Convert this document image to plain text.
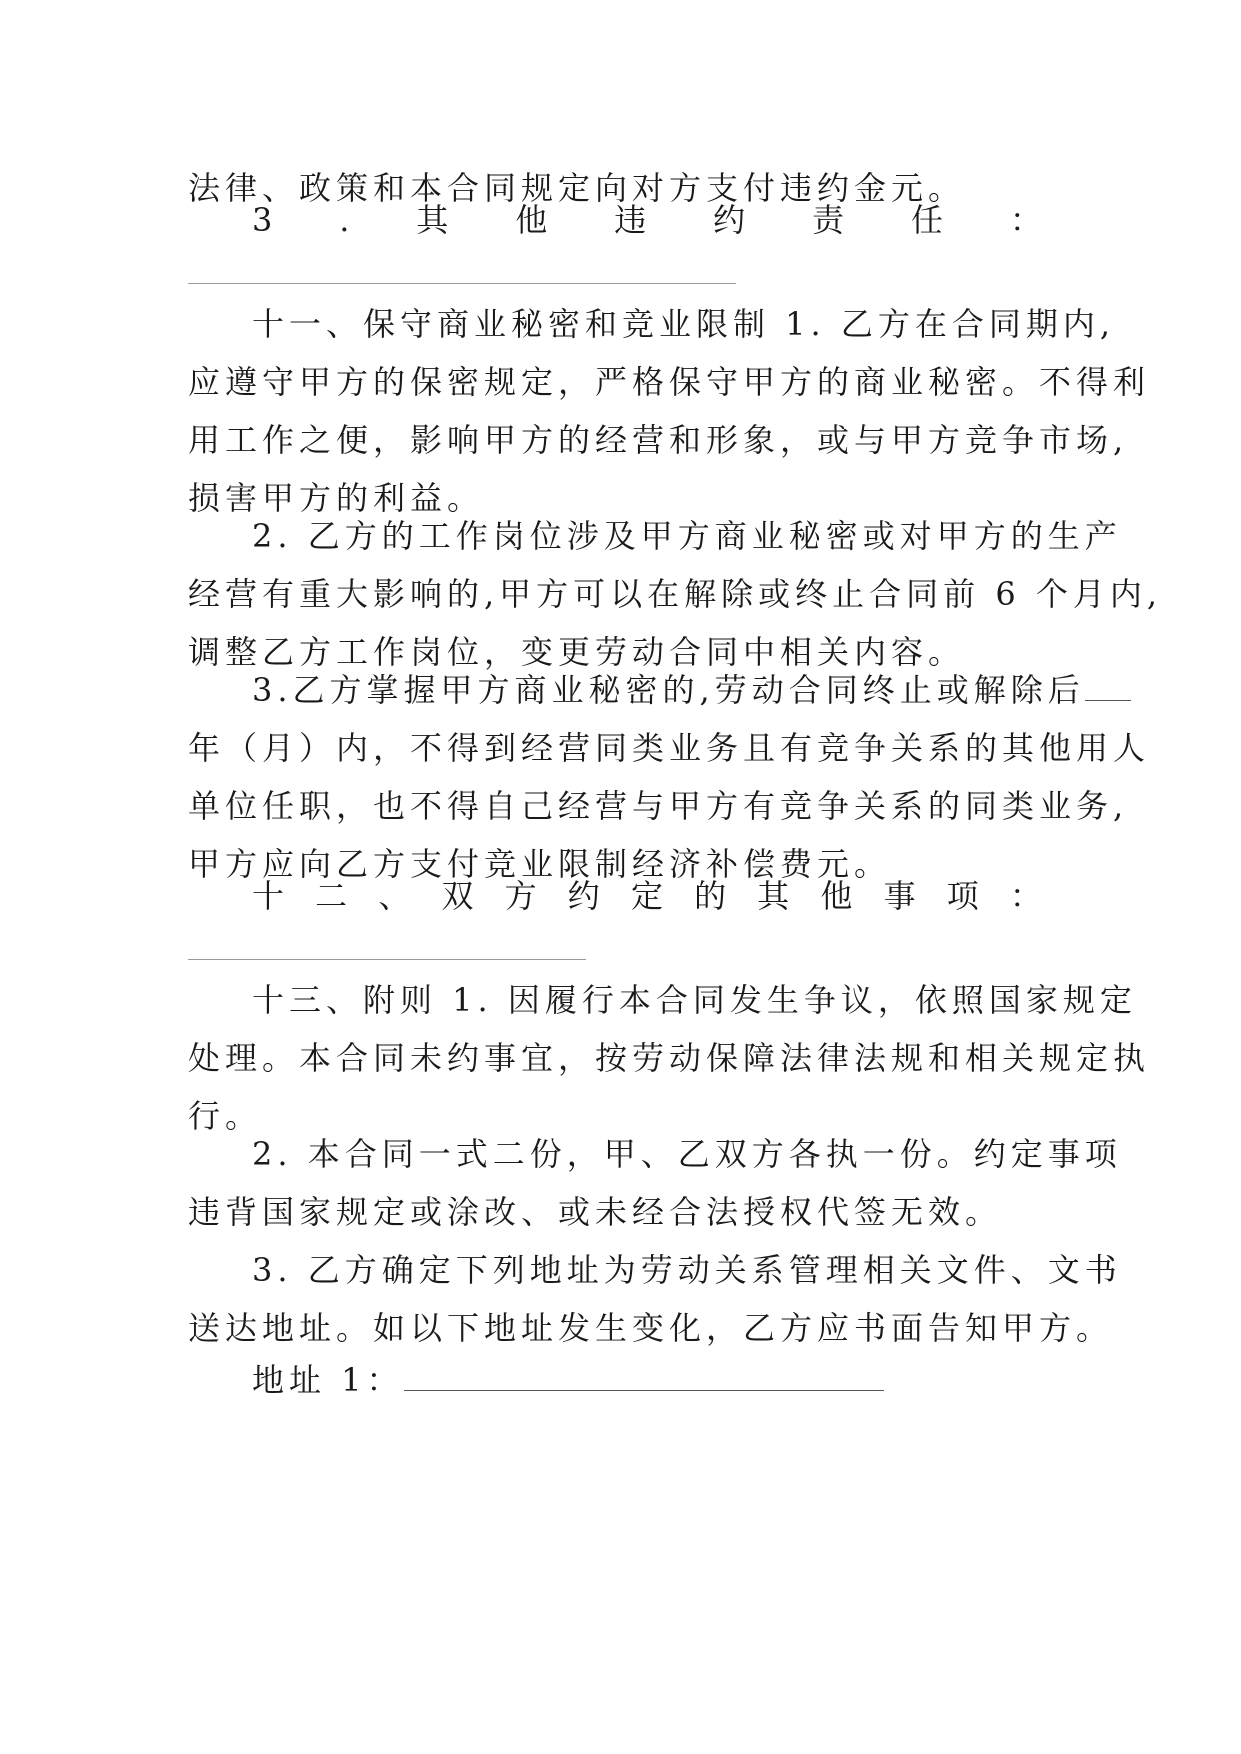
法律、政策和本合同规定向对方支付违约金元。
3 . 其 他 违 约 责 任 ：
十一、保守商业秘密和竞业限制 1. 乙方在合同期内,
应遵守甲方的保密规定，严格保守甲方的商业秘密。不得利
用工作之便，影响甲方的经营和形象，或与甲方竞争市场,
损害甲方的利益。
2. 乙方的工作岗位涉及甲方商业秘密或对甲方的生产
经营有重大影响的,甲方可以在解除或终止合同前 6 个月内,
调整乙方工作岗位，变更劳动合同中相关内容。
3.乙方掌握甲方商业秘密的,劳动合同终止或解除后
年（月）内，不得到经营同类业务且有竞争关系的其他用人
单位任职，也不得自己经营与甲方有竞争关系的同类业务,
甲方应向乙方支付竞业限制经济补偿费元。
十 二 、 双 方 约 定 的 其 他 事 项 ：
十三、附则 1. 因履行本合同发生争议，依照国家规定
处理。本合同未约事宜，按劳动保障法律法规和相关规定执
行。
2. 本合同一式二份，甲、乙双方各执一份。约定事项
违背国家规定或涂改、或未经合法授权代签无效。
3. 乙方确定下列地址为劳动关系管理相关文件、文书
送达地址。如以下地址发生变化，乙方应书面告知甲方。
地址 1：
